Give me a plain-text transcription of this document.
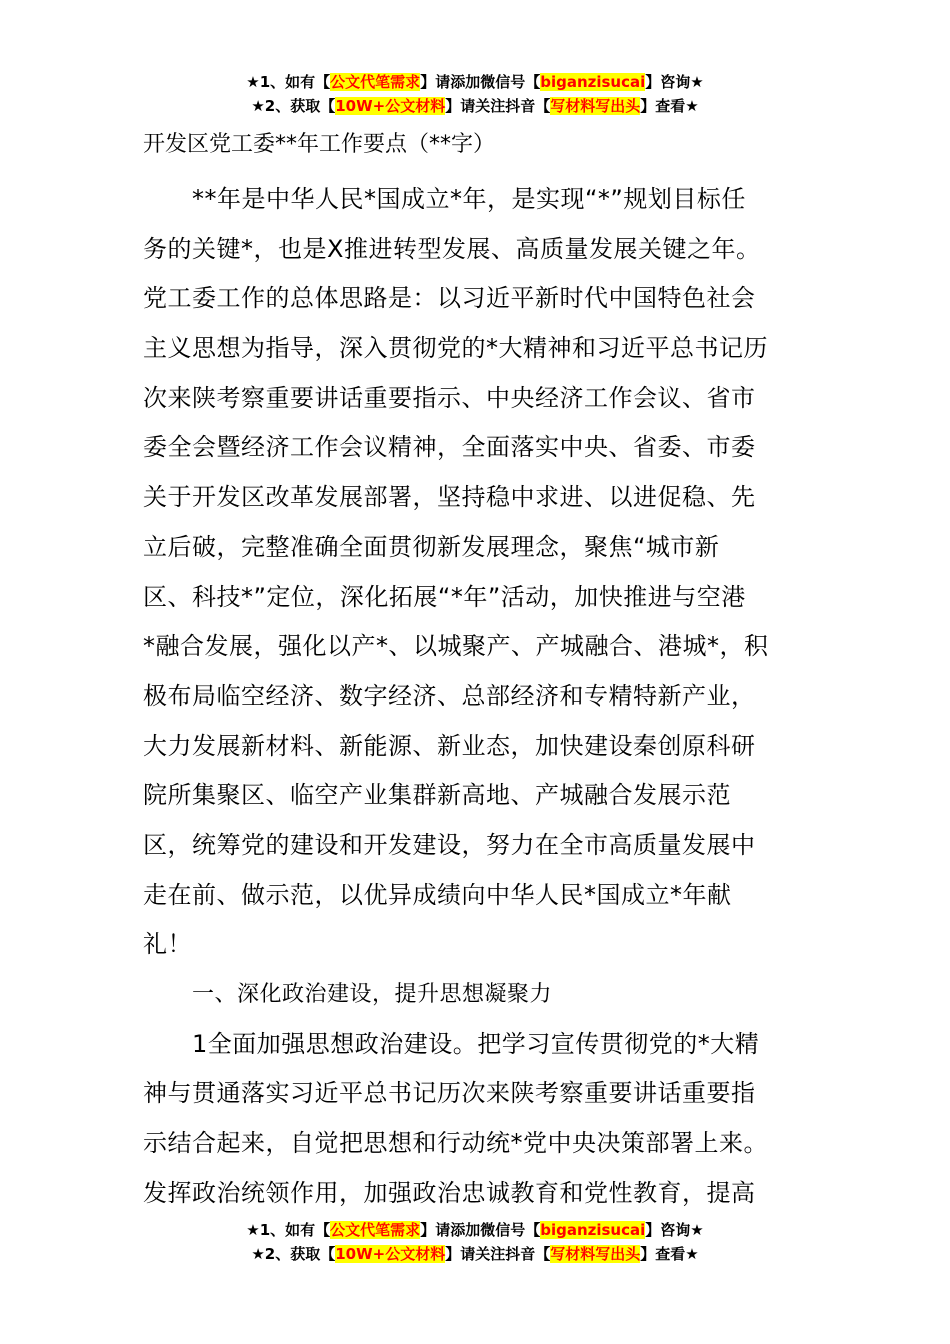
★1、如有【公文代笔需求】请添加微信号【biganzisucai】咨询★
★2、获取【10W+公文材料】请关注抖音【写材料写出头】查看★
开发区党工委**年工作要点（**字）
**年是中华人民*国成立*年，是实现“*”规划目标任
务的关键*，也是X推进转型发展、高质量发展关键之年。
党工委工作的总体思路是：以习近平新时代中国特色社会
主义思想为指导，深入贯彻党的*大精神和习近平总书记历
次来陕考察重要讲话重要指示、中央经济工作会议、省市
委全会暨经济工作会议精神，全面落实中央、省委、市委
关于开发区改革发展部署，坚持稳中求进、以进促稳、先
立后破，完整准确全面贯彻新发展理念，聚焦“城市新
区、科技*”定位，深化拓展“*年”活动，加快推进与空港
*融合发展，强化以产*、以城聚产、产城融合、港城*，积
极布局临空经济、数字经济、总部经济和专精特新产业，
大力发展新材料、新能源、新业态，加快建设秦创原科研
院所集聚区、临空产业集群新高地、产城融合发展示范
区，统筹党的建设和开发建设，努力在全市高质量发展中
走在前、做示范，以优异成绩向中华人民*国成立*年献
礼！
一、深化政治建设，提升思想凝聚力
1全面加强思想政治建设。把学习宣传贯彻党的*大精
神与贯通落实习近平总书记历次来陕考察重要讲话重要指
示结合起来，自觉把思想和行动统*党中央决策部署上来。
发挥政治统领作用，加强政治忠诚教育和党性教育，提高
★1、如有【公文代笔需求】请添加微信号【biganzisucai】咨询★
★2、获取【10W+公文材料】请关注抖音【写材料写出头】查看★
